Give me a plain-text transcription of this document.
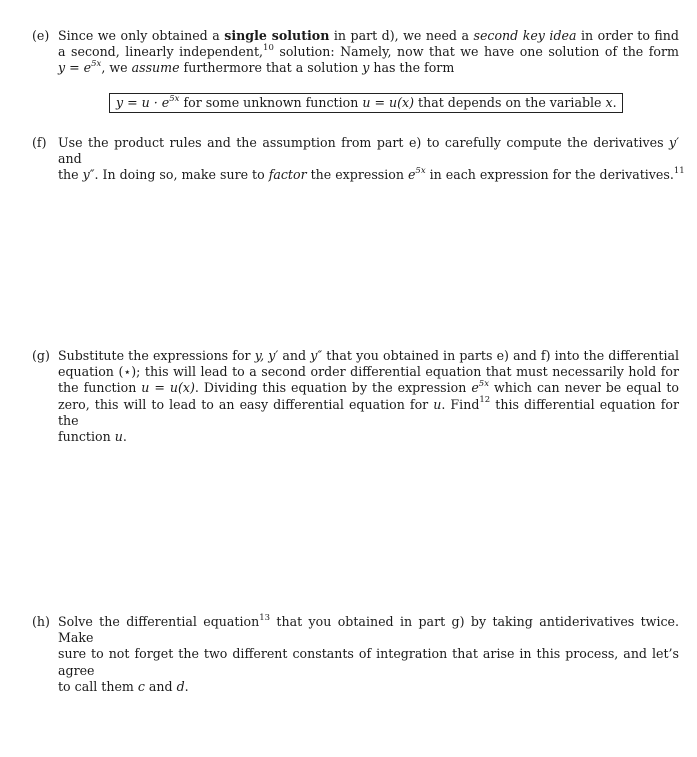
(e) Since we only obtained a single solution in part d), we need a second key idea in order to find
a second, linearly independent,$^{10}$ solution: Namely, now that we have one solution of the form
$y = e^{5x}$, we assume furthermore that a solution y has the form
$y = u \cdot e^{5x}$ for some unknown function u = u(x) that depends on the variable x.
(f) Use the product rules and the assumption from part e) to carefully compute the derivatives y′ and
the y″. In doing so, make sure to factor the expression $e^{5x}$ in each expression for the derivatives.$^{11}$
(g) Substitute the expressions for y, y′ and y″ that you obtained in parts e) and f) into the differential
equation (⋆); this will lead to a second order differential equation that must necessarily hold for
the function u = u(x). Dividing this equation by the expression $e^{5x}$ which can never be equal to
zero, this will to lead to an easy differential equation for u. Find$^{12}$ this differential equation for the
function u.
(h) Solve the differential equation$^{13}$ that you obtained in part g) by taking antiderivatives twice. Make
sure to not forget the two different constants of integration that arise in this process, and let’s agree
to call them c and d.
